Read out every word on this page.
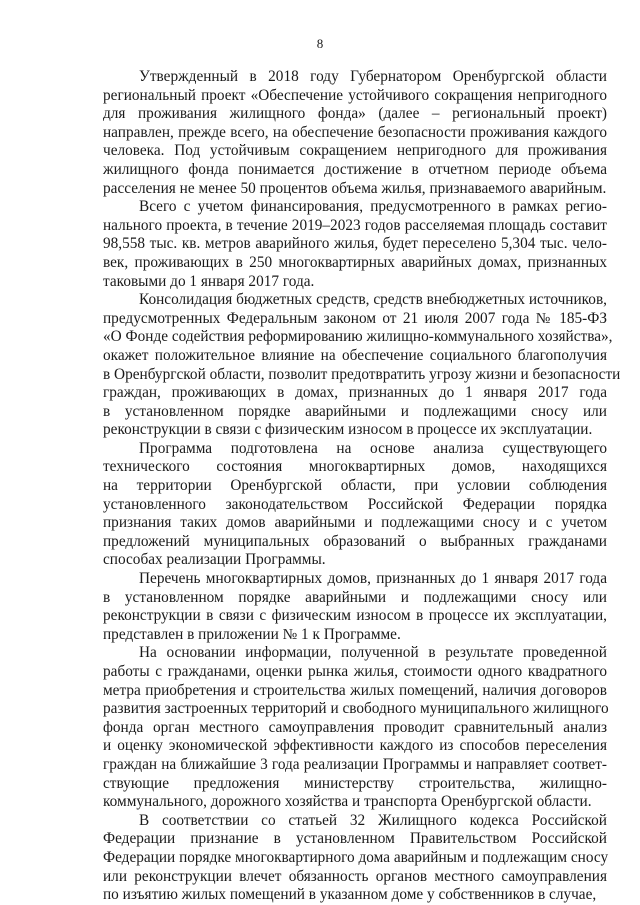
8

Утвержденный в 2018 году Губернатором Оренбургской области
региональный проект «Обеспечение устойчивого сокращения непригодного
для проживания жилищного фонда» (далее – региональный проект)
направлен, прежде всего, на обеспечение безопасности проживания каждого
человека. Под устойчивым сокращением непригодного для проживания
жилищного фонда понимается достижение в отчетном периоде объема
расселения не менее 50 процентов объема жилья, признаваемого аварийным.

Всего с учетом финансирования, предусмотренного в рамках регио-
нального проекта, в течение 2019–2023 годов расселяемая площадь составит
98,558 тыс. кв. метров аварийного жилья, будет переселено 5,304 тыс. чело-
век, проживающих в 250 многоквартирных аварийных домах, признанных
таковыми до 1 января 2017 года.

Консолидация бюджетных средств, средств внебюджетных источников,
предусмотренных Федеральным законом от 21 июля 2007 года № 185-ФЗ
«О Фонде содействия реформированию жилищно-коммунального хозяйства»,
окажет положительное влияние на обеспечение социального благополучия
в Оренбургской области, позволит предотвратить угрозу жизни и безопасности
граждан, проживающих в домах, признанных до 1 января 2017 года
в установленном порядке аварийными и подлежащими сносу или
реконструкции в связи с физическим износом в процессе их эксплуатации.

Программа подготовлена на основе анализа существующего
технического состояния многоквартирных домов, находящихся
на территории Оренбургской области, при условии соблюдения
установленного законодательством Российской Федерации порядка
признания таких домов аварийными и подлежащими сносу и с учетом
предложений муниципальных образований о выбранных гражданами
способах реализации Программы.

Перечень многоквартирных домов, признанных до 1 января 2017 года
в установленном порядке аварийными и подлежащими сносу или
реконструкции в связи с физическим износом в процессе их эксплуатации,
представлен в приложении № 1 к Программе.

На основании информации, полученной в результате проведенной
работы с гражданами, оценки рынка жилья, стоимости одного квадратного
метра приобретения и строительства жилых помещений, наличия договоров
развития застроенных территорий и свободного муниципального жилищного
фонда орган местного самоуправления проводит сравнительный анализ
и оценку экономической эффективности каждого из способов переселения
граждан на ближайшие 3 года реализации Программы и направляет соответ-
ствующие предложения министерству строительства, жилищно-
коммунального, дорожного хозяйства и транспорта Оренбургской области.

В соответствии со статьей 32 Жилищного кодекса Российской
Федерации признание в установленном Правительством Российской
Федерации порядке многоквартирного дома аварийным и подлежащим сносу
или реконструкции влечет обязанность органов местного самоуправления
по изъятию жилых помещений в указанном доме у собственников в случае,
